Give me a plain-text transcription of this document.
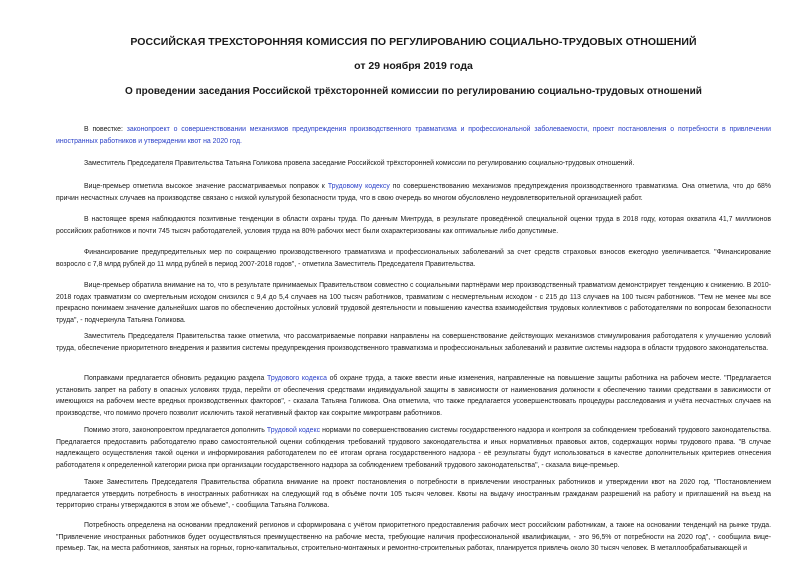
РОССИЙСКАЯ ТРЕХСТОРОННЯЯ КОМИССИЯ ПО РЕГУЛИРОВАНИЮ СОЦИАЛЬНО-ТРУДОВЫХ ОТНОШЕНИЙ
от 29 ноября 2019 года
О проведении заседания Российской трёхсторонней комиссии по регулированию социально-трудовых отношений

В повестке: законопроект о совершенствовании механизмов предупреждения производственного травматизма и профессиональной заболеваемости, проект постановления о потребности в привлечении иностранных работников и утверждении квот на 2020 год.

Заместитель Председателя Правительства Татьяна Голикова провела заседание Российской трёхсторонней комиссии по регулированию социально-трудовых отношений.

Вице-премьер отметила высокое значение рассматриваемых поправок к Трудовому кодексу по совершенствованию механизмов предупреждения производственного травматизма. Она отметила, что до 68% причин несчастных случаев на производстве связано с низкой культурой безопасности труда, что в свою очередь во многом обусловлено неудовлетворительной организацией работ.

В настоящее время наблюдаются позитивные тенденции в области охраны труда. По данным Минтруда, в результате проведённой специальной оценки труда в 2018 году, которая охватила 41,7 миллионов российских работников и почти 745 тысяч работодателей, условия труда на 80% рабочих мест были охарактеризованы как оптимальные либо допустимые.

Финансирование предупредительных мер по сокращению производственного травматизма и профессиональных заболеваний за счет средств страховых взносов ежегодно увеличивается. "Финансирование возросло с 7,8 млрд рублей до 11 млрд рублей в период 2007-2018 годов", - отметила Заместитель Председателя Правительства.

Вице-премьер обратила внимание на то, что в результате принимаемых Правительством совместно с социальными партнёрами мер производственный травматизм демонстрирует тенденцию к снижению. В 2010-2018 годах травматизм со смертельным исходом снизился с 9,4 до 5,4 случаев на 100 тысяч работников, травматизм с несмертельным исходом - с 215 до 113 случаев на 100 тысяч работников. "Тем не менее мы все прекрасно понимаем значение дальнейших шагов по обеспечению достойных условий трудовой деятельности и повышению качества взаимодействия трудовых коллективов с работодателями по вопросам безопасности труда", - подчеркнула Татьяна Голикова.

Заместитель Председателя Правительства также отметила, что рассматриваемые поправки направлены на совершенствование действующих механизмов стимулирования работодателя к улучшению условий труда, обеспечение приоритетного внедрения и развития системы предупреждения производственного травматизма и профессиональных заболеваний и развитие системы надзора в области трудового законодательства.

Поправками предлагается обновить редакцию раздела Трудового кодекса об охране труда, а также ввести иные изменения, направленные на повышение защиты работника на рабочем месте. "Предлагается установить запрет на работу в опасных условиях труда, перейти от обеспечения средствами индивидуальной защиты в зависимости от наименования должности к обеспечению такими средствами в зависимости от имеющихся на рабочем месте вредных производственных факторов", - сказала Татьяна Голикова. Она отметила, что также предлагается усовершенствовать процедуры расследования и учёта несчастных случаев на производстве, что помимо прочего позволит исключить такой негативный фактор как сокрытие микротравм работников.

Помимо этого, законопроектом предлагается дополнить Трудовой кодекс нормами по совершенствованию системы государственного надзора и контроля за соблюдением требований трудового законодательства. Предлагается предоставить работодателю право самостоятельной оценки соблюдения требований трудового законодательства и иных нормативных правовых актов, содержащих нормы трудового права. "В случае надлежащего осуществления такой оценки и информирования работодателем по её итогам органа государственного надзора - её результаты будут использоваться в качестве дополнительных критериев отнесения работодателя к определенной категории риска при организации государственного надзора за соблюдением требований трудового законодательства", - сказала вице-премьер.

Также Заместитель Председателя Правительства обратила внимание на проект постановления о потребности в привлечении иностранных работников и утверждении квот на 2020 год. "Постановлением предлагается утвердить потребность в иностранных работниках на следующий год в объёме почти 105 тысяч человек. Квоты на выдачу иностранным гражданам разрешений на работу и приглашений на въезд на территорию страны утверждаются в этом же объеме", - сообщила Татьяна Голикова.

Потребность определена на основании предложений регионов и сформирована с учётом приоритетного предоставления рабочих мест российским работникам, а также на основании тенденций на рынке труда. "Привлечение иностранных работников будет осуществляться преимущественно на рабочие места, требующие наличия профессиональной квалификации, - это 96,5% от потребности на 2020 год", - сообщила вице-премьер. Так, на места работников, занятых на горных, горно-капитальных, строительно-монтажных и ремонтно-строительных работах, планируется привлечь около 30 тысяч человек. В металлообрабатывающей и
